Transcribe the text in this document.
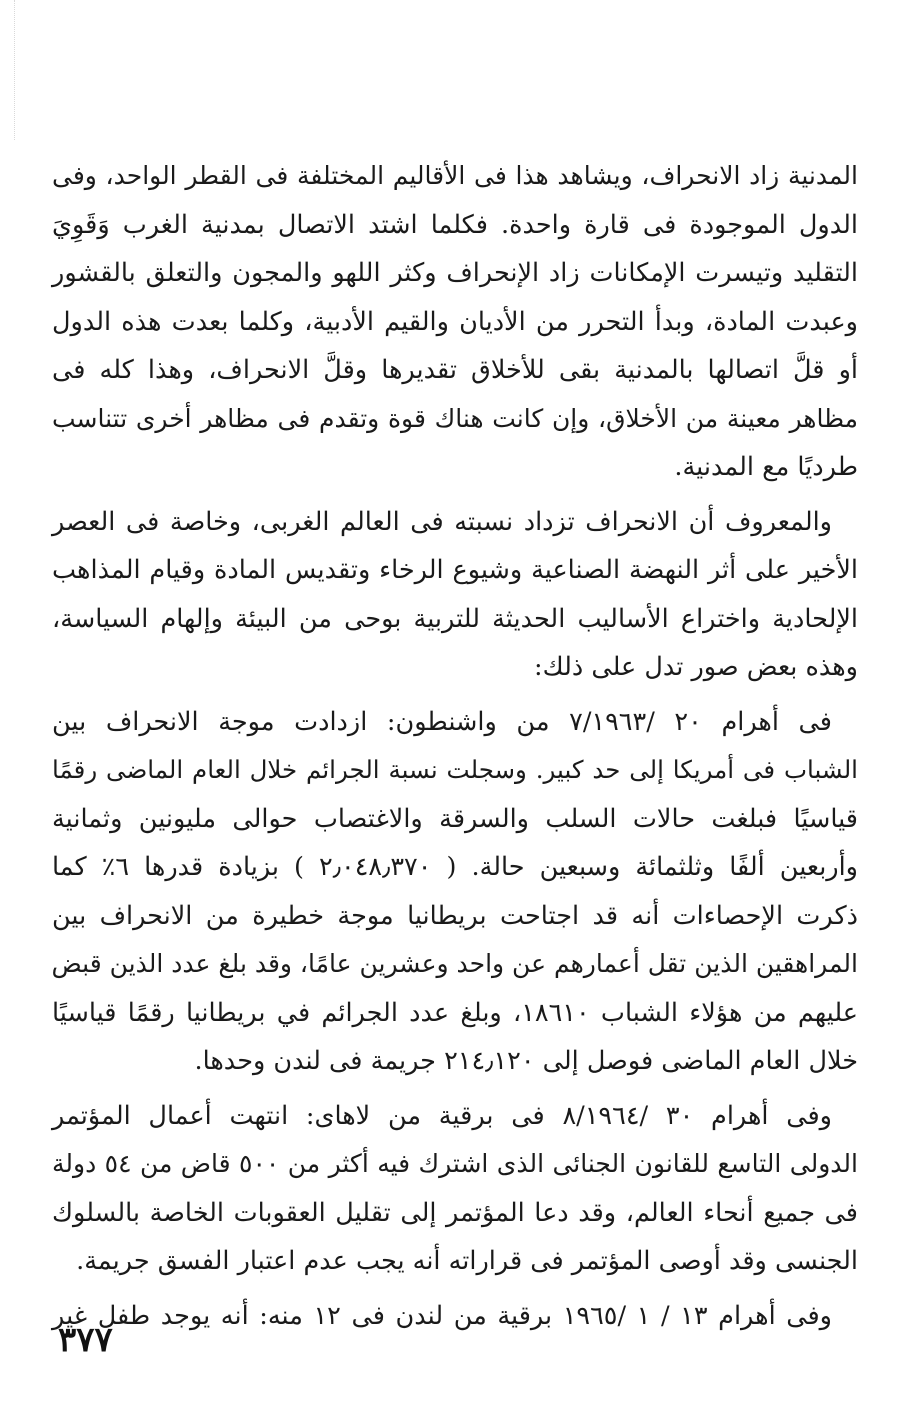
المدنية زاد الانحراف، ويشاهد هذا فى الأقاليم المختلفة فى القطر الواحد، وفى
الدول الموجودة فى قارة واحدة. فكلما اشتد الاتصال بمدنية الغرب وَقَوِيَ
التقليد وتيسرت الإمكانات زاد الإنحراف وكثر اللهو والمجون والتعلق بالقشور
وعبدت المادة، وبدأ التحرر من الأديان والقيم الأدبية، وكلما بعدت هذه الدول
أو قلَّ اتصالها بالمدنية بقى للأخلاق تقديرها وقلَّ الانحراف، وهذا كله فى
مظاهر معينة من الأخلاق، وإن كانت هناك قوة وتقدم فى مظاهر أخرى تتناسب
طرديًا مع المدنية.

والمعروف أن الانحراف تزداد نسبته فى العالم الغربى، وخاصة فى العصر
الأخير على أثر النهضة الصناعية وشيوع الرخاء وتقديس المادة وقيام المذاهب
الإلحادية واختراع الأساليب الحديثة للتربية بوحى من البيئة وإلهام السياسة،
وهذه بعض صور تدل على ذلك:

فى أهرام ٢٠ /٧/١٩٦٣ من واشنطون: ازدادت موجة الانحراف بين
الشباب فى أمريكا إلى حد كبير. وسجلت نسبة الجرائم خلال العام الماضى رقمًا
قياسيًا فبلغت حالات السلب والسرقة والاغتصاب حوالى مليونين وثمانية
وأربعين ألفًا وثلثمائة وسبعين حالة. ( ٢٫٠٤٨٫٣٧٠ ) بزيادة قدرها ٦٪ كما
ذكرت الإحصاءات أنه قد اجتاحت بريطانيا موجة خطيرة من الانحراف بين
المراهقين الذين تقل أعمارهم عن واحد وعشرين عامًا، وقد بلغ عدد الذين قبض
عليهم من هؤلاء الشباب ١٨٦١٠، وبلغ عدد الجرائم في بريطانيا رقمًا قياسيًا
خلال العام الماضى فوصل إلى ٢١٤٫١٢٠ جريمة فى لندن وحدها.

وفى أهرام ٣٠ /٨/١٩٦٤ فى برقية من لاهاى: انتهت أعمال المؤتمر
الدولى التاسع للقانون الجنائى الذى اشترك فيه أكثر من ٥٠٠ قاض من ٥٤ دولة
فى جميع أنحاء العالم، وقد دعا المؤتمر إلى تقليل العقوبات الخاصة بالسلوك
الجنسى وقد أوصى المؤتمر فى قراراته أنه يجب عدم اعتبار الفسق جريمة.

وفى أهرام ١٣ / ١ /١٩٦٥ برقية من لندن فى ١٢ منه: أنه يوجد طفل غير

٣٧٧
